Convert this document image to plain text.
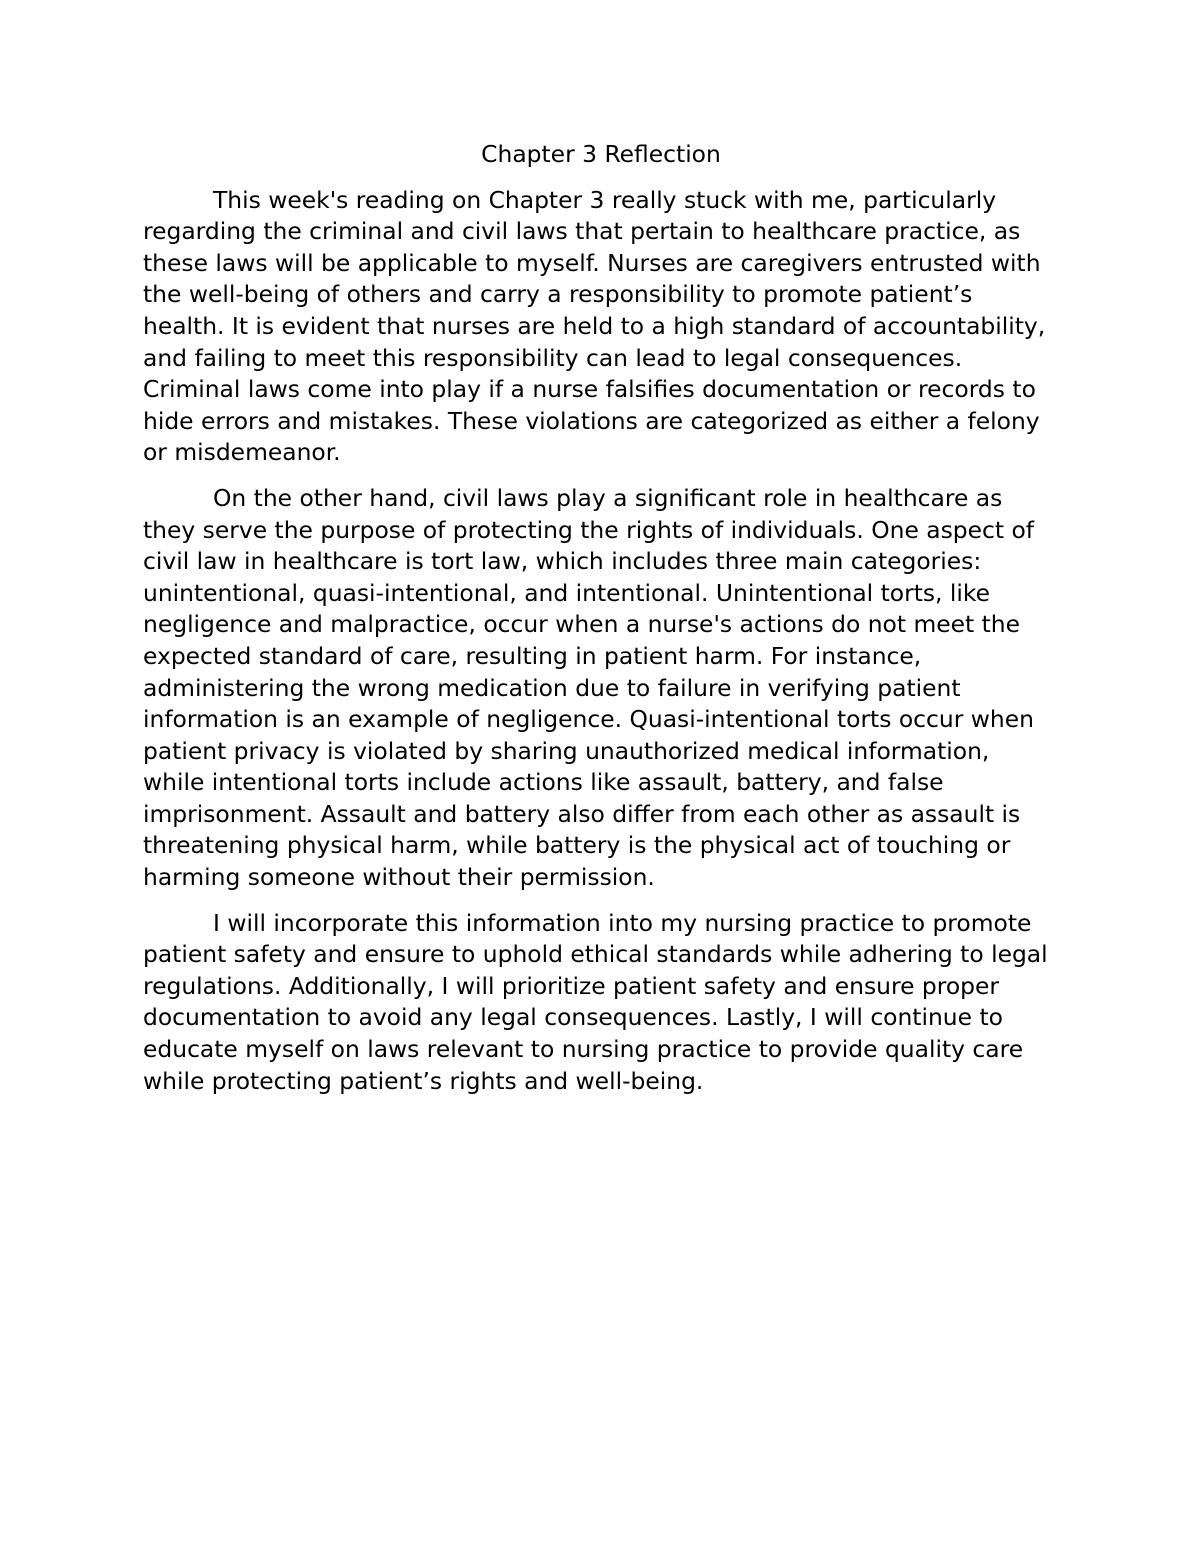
Chapter 3 Reflection
This week's reading on Chapter 3 really stuck with me, particularly
regarding the criminal and civil laws that pertain to healthcare practice, as
these laws will be applicable to myself. Nurses are caregivers entrusted with
the well-being of others and carry a responsibility to promote patient’s
health. It is evident that nurses are held to a high standard of accountability,
and failing to meet this responsibility can lead to legal consequences.
Criminal laws come into play if a nurse falsifies documentation or records to
hide errors and mistakes. These violations are categorized as either a felony
or misdemeanor.
On the other hand, civil laws play a significant role in healthcare as
they serve the purpose of protecting the rights of individuals. One aspect of
civil law in healthcare is tort law, which includes three main categories:
unintentional, quasi-intentional, and intentional. Unintentional torts, like
negligence and malpractice, occur when a nurse's actions do not meet the
expected standard of care, resulting in patient harm. For instance,
administering the wrong medication due to failure in verifying patient
information is an example of negligence. Quasi-intentional torts occur when
patient privacy is violated by sharing unauthorized medical information,
while intentional torts include actions like assault, battery, and false
imprisonment. Assault and battery also differ from each other as assault is
threatening physical harm, while battery is the physical act of touching or
harming someone without their permission.
I will incorporate this information into my nursing practice to promote
patient safety and ensure to uphold ethical standards while adhering to legal
regulations. Additionally, I will prioritize patient safety and ensure proper
documentation to avoid any legal consequences. Lastly, I will continue to
educate myself on laws relevant to nursing practice to provide quality care
while protecting patient’s rights and well-being.
